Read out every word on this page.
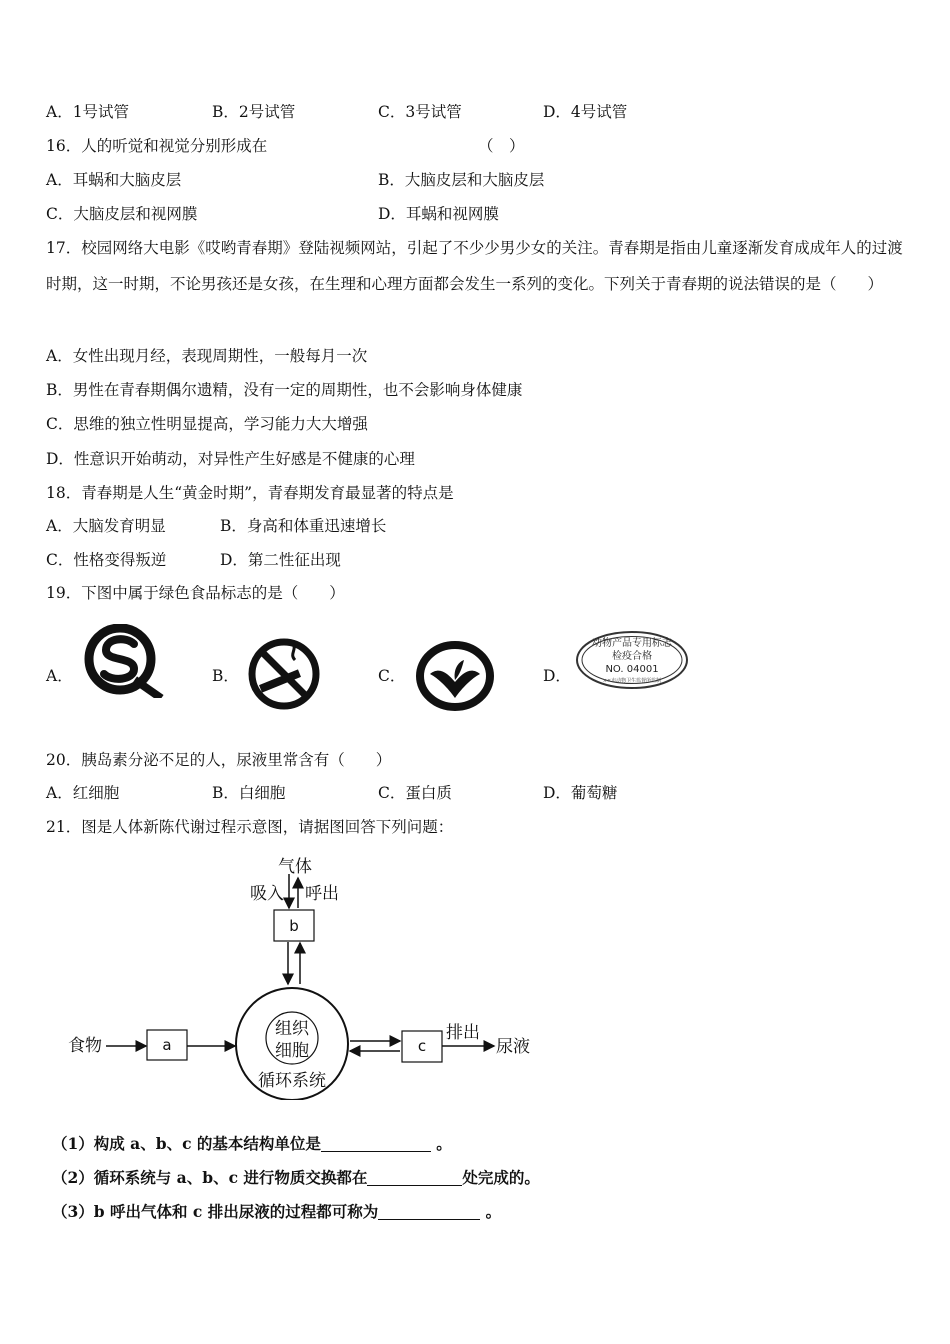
A．1号试管	B．2号试管	C．3号试管	D．4号试管
16．人的听觉和视觉分别形成在	（　）
A．耳蜗和大脑皮层	B．大脑皮层和大脑皮层
C．大脑皮层和视网膜	D．耳蜗和视网膜
17．校园网络大电影《哎哟青春期》登陆视频网站，引起了不少少男少女的关注。青春期是指由儿童逐渐发育成成年人的过渡时期，这一时期，不论男孩还是女孩，在生理和心理方面都会发生一系列的变化。下列关于青春期的说法错误的是（　　）
A．女性出现月经，表现周期性，一般每月一次
B．男性在青春期偶尔遗精，没有一定的周期性，也不会影响身体健康
C．思维的独立性明显提高，学习能力大大增强
D．性意识开始萌动，对异性产生好感是不健康的心理
18．青春期是人生“黄金时期”，青春期发育最显著的特点是
A．大脑发育明显	B．身高和体重迅速增长
C．性格变得叛逆	D．第二性征出现
19．下图中属于绿色食品标志的是（　　）
A．	B．	C．	D．
动物产品专用标志
检疫合格
NO. 04001
××市动物卫生监督所监制
20．胰岛素分泌不足的人，尿液里常含有（　　）
A．红细胞	B．白细胞	C．蛋白质	D．葡萄糖
21．图是人体新陈代谢过程示意图，请据图回答下列问题：
气体
吸入 呼出
b
组织
细胞
循环系统
食物	a	c
排出
尿液
（1）构成 a、b、c 的基本结构单位是	。
（2）循环系统与 a、b、c 进行物质交换都在	处完成的。
（3）b 呼出气体和 c 排出尿液的过程都可称为	。
